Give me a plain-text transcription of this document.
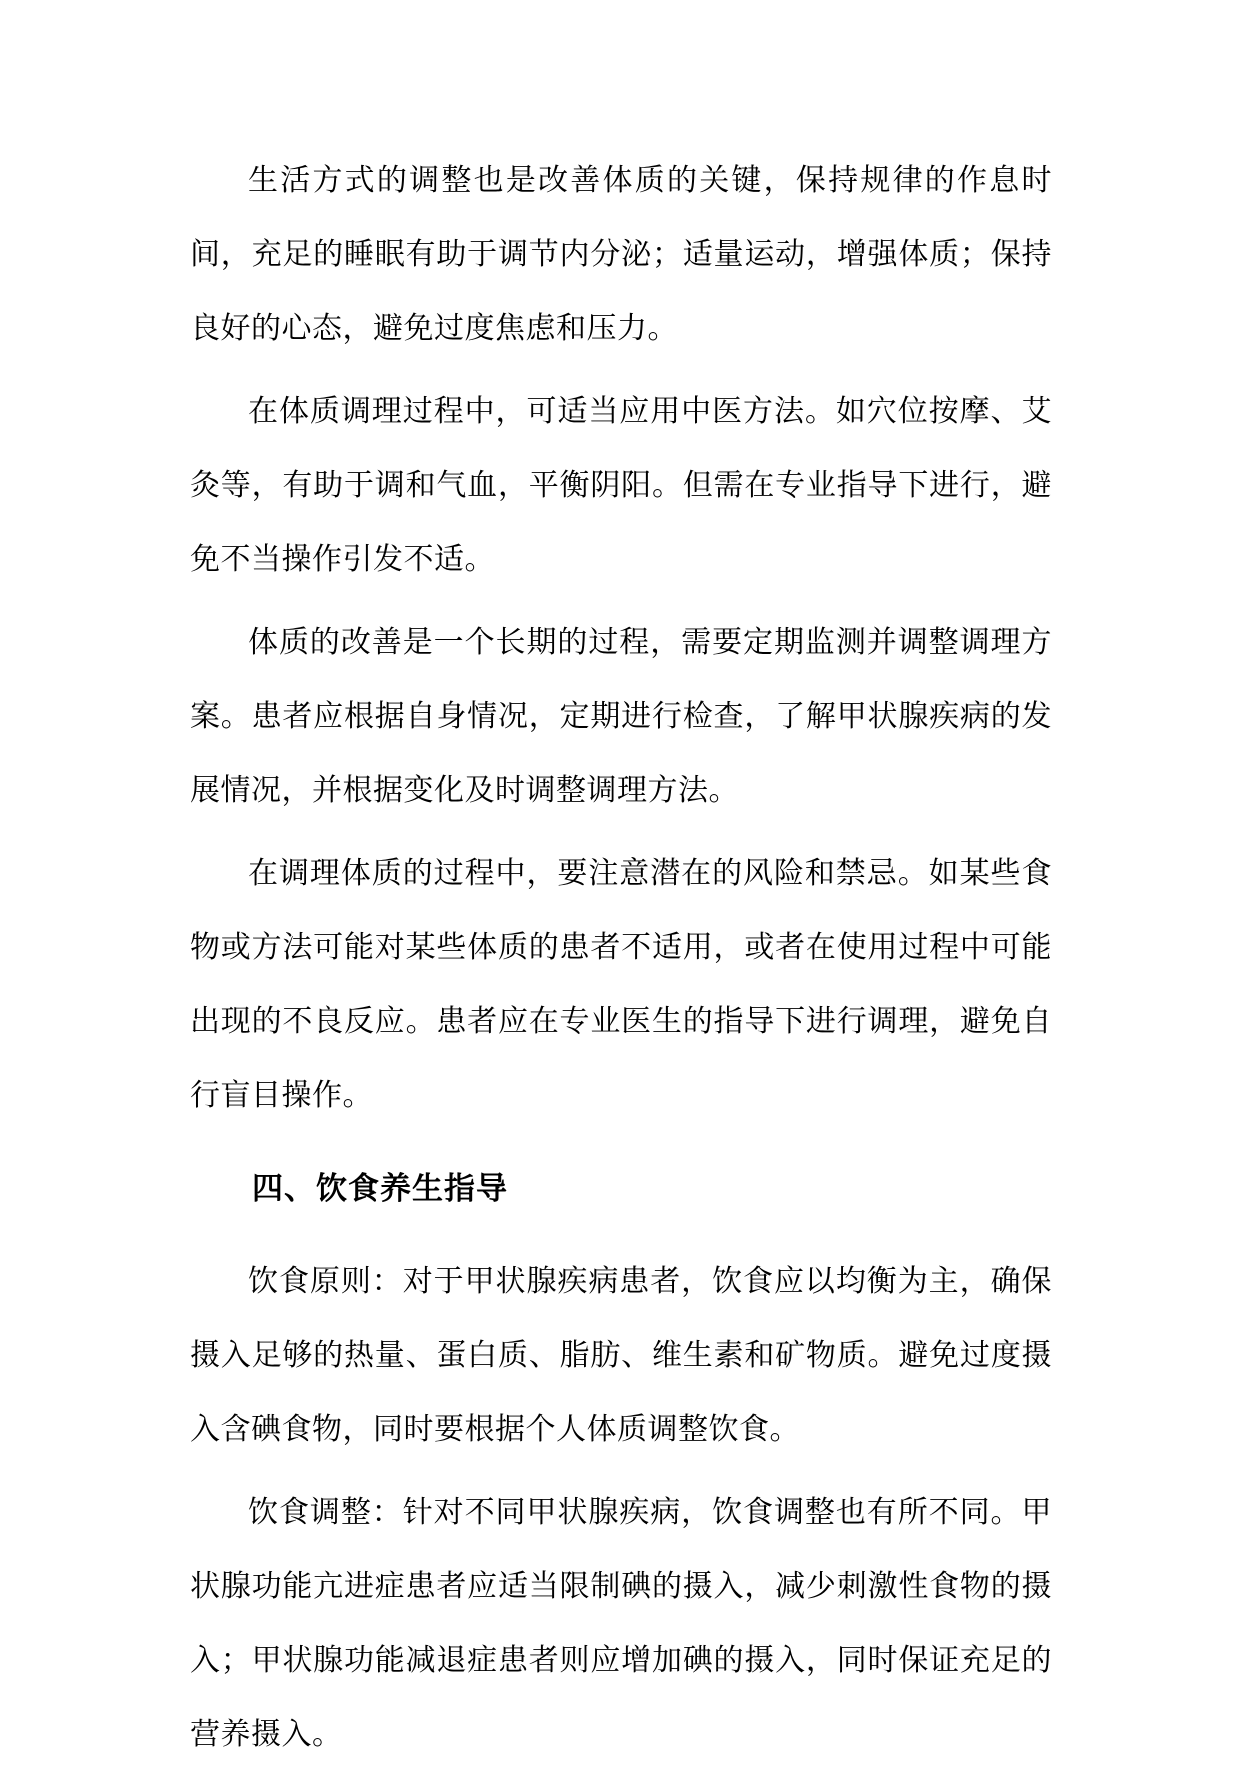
生活方式的调整也是改善体质的关键，保持规律的作息时间，充足的睡眠有助于调节内分泌；适量运动，增强体质；保持良好的心态，避免过度焦虑和压力。

在体质调理过程中，可适当应用中医方法。如穴位按摩、艾灸等，有助于调和气血，平衡阴阳。但需在专业指导下进行，避免不当操作引发不适。

体质的改善是一个长期的过程，需要定期监测并调整调理方案。患者应根据自身情况，定期进行检查，了解甲状腺疾病的发展情况，并根据变化及时调整调理方法。

在调理体质的过程中，要注意潜在的风险和禁忌。如某些食物或方法可能对某些体质的患者不适用，或者在使用过程中可能出现的不良反应。患者应在专业医生的指导下进行调理，避免自行盲目操作。

四、饮食养生指导

饮食原则：对于甲状腺疾病患者，饮食应以均衡为主，确保摄入足够的热量、蛋白质、脂肪、维生素和矿物质。避免过度摄入含碘食物，同时要根据个人体质调整饮食。

饮食调整：针对不同甲状腺疾病，饮食调整也有所不同。甲状腺功能亢进症患者应适当限制碘的摄入，减少刺激性食物的摄入；甲状腺功能减退症患者则应增加碘的摄入，同时保证充足的营养摄入。
